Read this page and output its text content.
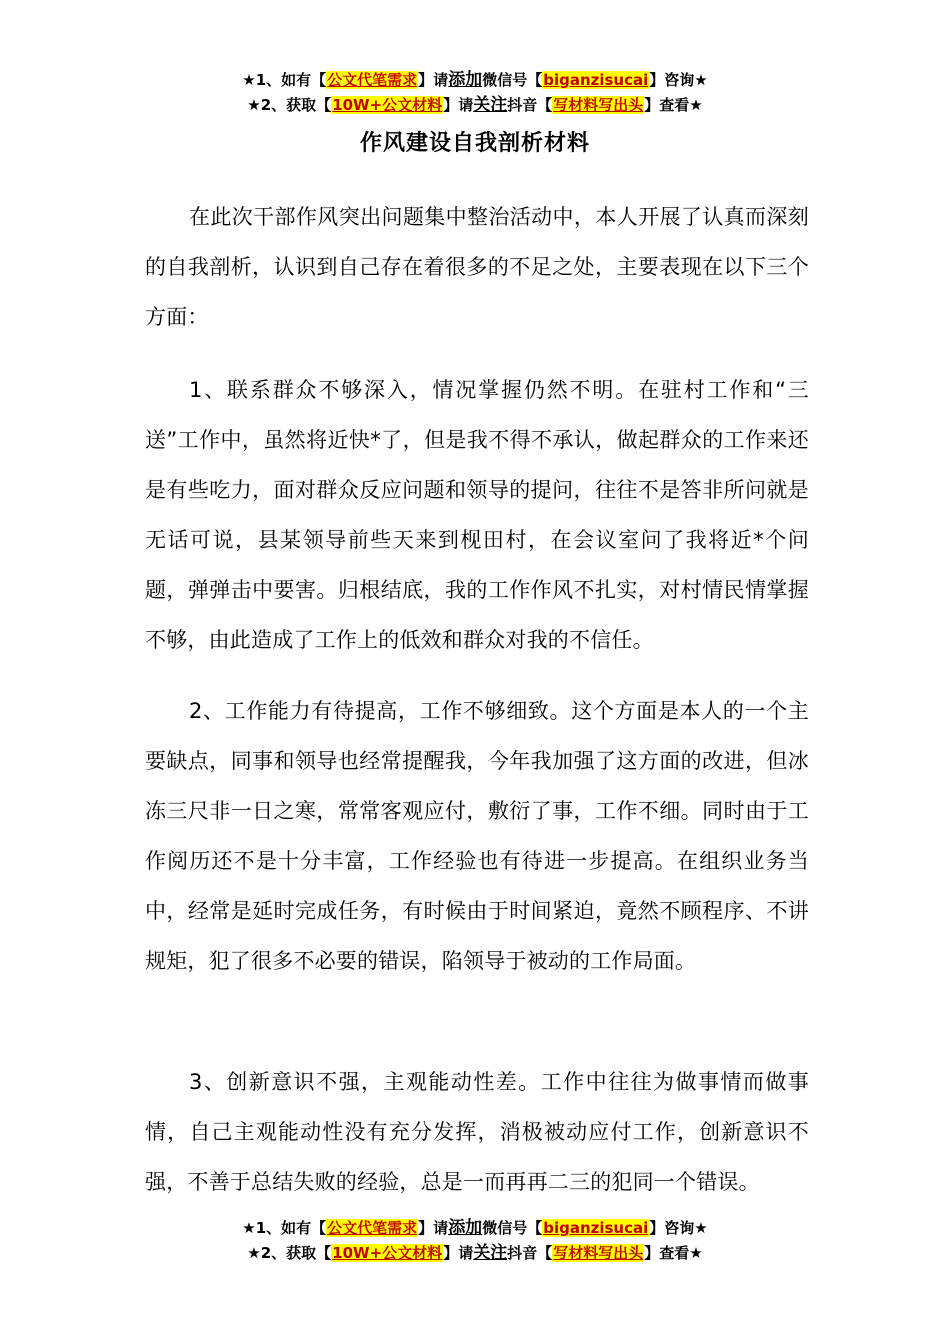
★1、如有【公文代笔需求】请添加微信号【biganzisucai】咨询★
★2、获取【10W+公文材料】请关注抖音【写材料写出头】查看★
作风建设自我剖析材料

在此次干部作风突出问题集中整治活动中，本人开展了认真而深刻的自我剖析，认识到自己存在着很多的不足之处，主要表现在以下三个方面：

1、联系群众不够深入，情况掌握仍然不明。在驻村工作和“三送”工作中，虽然将近快*了，但是我不得不承认，做起群众的工作来还是有些吃力，面对群众反应问题和领导的提问，往往不是答非所问就是无话可说，县某领导前些天来到枧田村，在会议室问了我将近*个问题，弹弹击中要害。归根结底，我的工作作风不扎实，对村情民情掌握不够，由此造成了工作上的低效和群众对我的不信任。

2、工作能力有待提高，工作不够细致。这个方面是本人的一个主要缺点，同事和领导也经常提醒我，今年我加强了这方面的改进，但冰冻三尺非一日之寒，常常客观应付，敷衍了事，工作不细。同时由于工作阅历还不是十分丰富，工作经验也有待进一步提高。在组织业务当中，经常是延时完成任务，有时候由于时间紧迫，竟然不顾程序、不讲规矩，犯了很多不必要的错误，陷领导于被动的工作局面。

3、创新意识不强，主观能动性差。工作中往往为做事情而做事情，自己主观能动性没有充分发挥，消极被动应付工作，创新意识不强，不善于总结失败的经验，总是一而再再二三的犯同一个错误。

★1、如有【公文代笔需求】请添加微信号【biganzisucai】咨询★
★2、获取【10W+公文材料】请关注抖音【写材料写出头】查看★
